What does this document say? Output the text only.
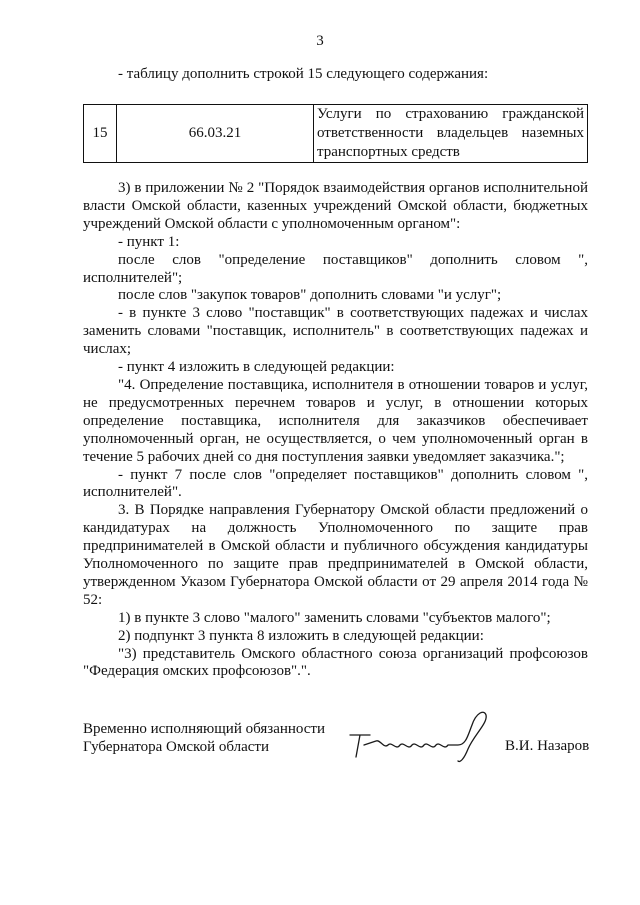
3
- таблицу дополнить строкой 15 следующего содержания:
15	66.03.21	Услуги по страхованию гражданской ответственности владельцев наземных транспортных средств

3) в приложении № 2 "Порядок взаимодействия органов исполнительной власти Омской области, казенных учреждений Омской области, бюджетных учреждений Омской области с уполномоченным органом":

- пункт 1:

после слов "определение поставщиков" дополнить словом ", исполнителей";

после слов "закупок товаров" дополнить словами "и услуг";

- в пункте 3 слово "поставщик" в соответствующих падежах и числах заменить словами "поставщик, исполнитель" в соответствующих падежах и числах;

- пункт 4 изложить в следующей редакции:

"4. Определение поставщика, исполнителя в отношении товаров и услуг, не предусмотренных перечнем товаров и услуг, в отношении которых определение поставщика, исполнителя для заказчиков обеспечивает уполномоченный орган, не осуществляется, о чем уполномоченный орган в течение 5 рабочих дней со дня поступления заявки уведомляет заказчика.";

- пункт 7 после слов "определяет поставщиков" дополнить словом ", исполнителей".

3. В Порядке направления Губернатору Омской области предложений о кандидатурах на должность Уполномоченного по защите прав предпринимателей в Омской области и публичного обсуждения кандидатуры Уполномоченного по защите прав предпринимателей в Омской области, утвержденном Указом Губернатора Омской области от 29 апреля 2014 года № 52:

1) в пункте 3 слово "малого" заменить словами "субъектов малого";

2) подпункт 3 пункта 8 изложить в следующей редакции:

"3) представитель Омского областного союза организаций профсоюзов "Федерация омских профсоюзов".".

Временно исполняющий обязанности
Губернатора Омской области	В.И. Назаров
